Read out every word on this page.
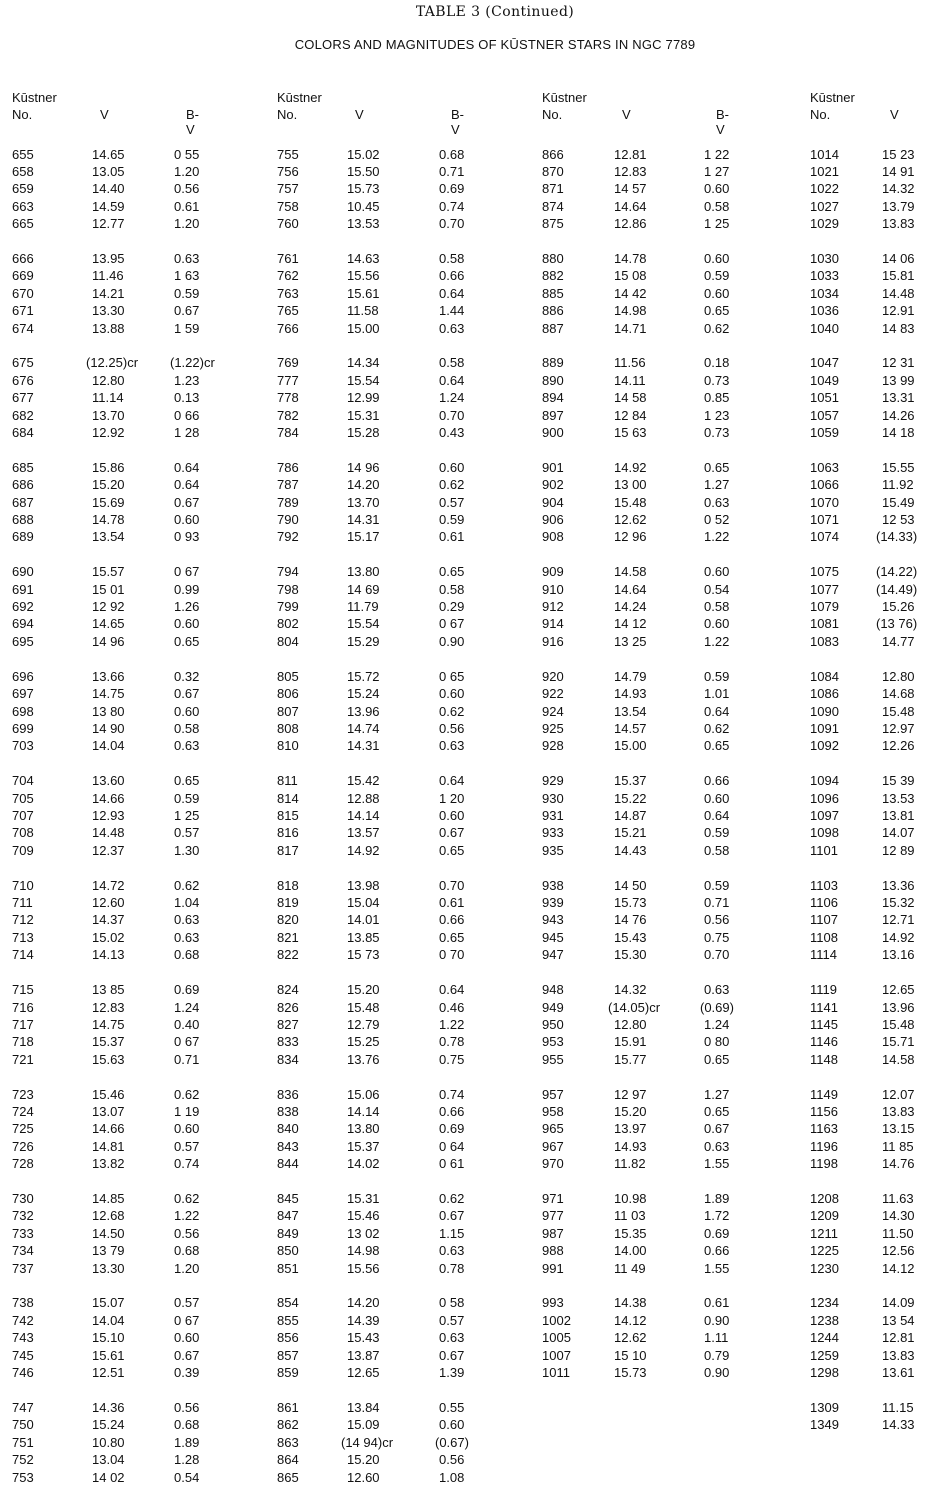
TABLE 3 (Continued)
COLORS AND MAGNITUDES OF KŪSTNER STARS IN NGC 7789
Kūstner
No.	V	B-V
655	14.65	0 55
658	13.05	1.20
659	14.40	0.56
663	14.59	0.61
665	12.77	1.20
666	13.95	0.63
669	11.46	1 63
670	14.21	0.59
671	13.30	0.67
674	13.88	1 59
675	(12.25)cr (1.22)cr
676	12.80	1.23
677	11.14	0.13
682	13.70	0 66
684	12.92	1 28
685	15.86	0.64
686	15.20	0.64
687	15.69	0.67
688	14.78	0.60
689	13.54	0 93
690	15.57	0 67
691	15 01	0.99
692	12 92	1.26
694	14.65	0.60
695	14 96	0.65
696	13.66	0.32
697	14.75	0.67
698	13 80	0.60
699	14 90	0.58
703	14.04	0.63
704	13.60	0.65
705	14.66	0.59
707	12.93	1 25
708	14.48	0.57
709	12.37	1.30
710	14.72	0.62
711	12.60	1.04
712	14.37	0.63
713	15.02	0.63
714	14.13	0.68
715	13 85	0.69
716	12.83	1.24
717	14.75	0.40
718	15.37	0 67
721	15.63	0.71
723	15.46	0.62
724	13.07	1 19
725	14.66	0.60
726	14.81	0.57
728	13.82	0.74
730	14.85	0.62
732	12.68	1.22
733	14.50	0.56
734	13 79	0.68
737	13.30	1.20
738	15.07	0.57
742	14.04	0 67
743	15.10	0.60
745	15.61	0.67
746	12.51	0.39
747	14.36	0.56
750	15.24	0.68
751	10.80	1.89
752	13.04	1.28
753	14 02	0.54
Kūstner
No.	V	B-V
755	15.02	0.68
756	15.50	0.71
757	15.73	0.69
758	10.45	0.74
760	13.53	0.70
761	14.63	0.58
762	15.56	0.66
763	15.61	0.64
765	11.58	1.44
766	15.00	0.63
769	14.34	0.58
777	15.54	0.64
778	12.99	1.24
782	15.31	0.70
784	15.28	0.43
786	14 96	0.60
787	14.20	0.62
789	13.70	0.57
790	14.31	0.59
792	15.17	0.61
794	13.80	0.65
798	14 69	0.58
799	11.79	0.29
802	15.54	0 67
804	15.29	0.90
805	15.72	0 65
806	15.24	0.60
807	13.96	0.62
808	14.74	0.56
810	14.31	0.63
811	15.42	0.64
814	12.88	1 20
815	14.14	0.60
816	13.57	0.67
817	14.92	0.65
818	13.98	0.70
819	15.04	0.61
820	14.01	0.66
821	13.85	0.65
822	15 73	0 70
824	15.20	0.64
826	15.48	0.46
827	12.79	1.22
833	15.25	0.78
834	13.76	0.75
836	15.06	0.74
838	14.14	0.66
840	13.80	0.69
843	15.37	0 64
844	14.02	0 61
845	15.31	0.62
847	15.46	0.67
849	13 02	1.15
850	14.98	0.63
851	15.56	0.78
854	14.20	0 58
855	14.39	0.57
856	15.43	0.63
857	13.87	0.67
859	12.65	1.39
861	13.84	0.55
862	15.09	0.60
863	(14 94)cr	(0.67)
864	15.20	0.56
865	12.60	1.08
Kūstner
No.	V	B-V
866	12.81	1 22
870	12.83	1 27
871	14 57	0.60
874	14.64	0.58
875	12.86	1 25
880	14.78	0.60
882	15 08	0.59
885	14 42	0.60
886	14.98	0.65
887	14.71	0.62
889	11.56	0.18
890	14.11	0.73
894	14 58	0.85
897	12 84	1 23
900	15 63	0.73
901	14.92	0.65
902	13 00	1.27
904	15.48	0.63
906	12.62	0 52
908	12 96	1.22
909	14.58	0.60
910	14.64	0.54
912	14.24	0.58
914	14 12	0.60
916	13 25	1.22
920	14.79	0.59
922	14.93	1.01
924	13.54	0.64
925	14.57	0.62
928	15.00	0.65
929	15.37	0.66
930	15.22	0.60
931	14.87	0.64
933	15.21	0.59
935	14.43	0.58
938	14 50	0.59
939	15.73	0.71
943	14 76	0.56
945	15.43	0.75
947	15.30	0.70
948	14.32	0.63
949	(14.05)cr	(0.69)
950	12.80	1.24
953	15.91	0 80
955	15.77	0.65
957	12 97	1.27
958	15.20	0.65
965	13.97	0.67
967	14.93	0.63
970	11.82	1.55
971	10.98	1.89
977	11 03	1.72
987	15.35	0.69
988	14.00	0.66
991	11 49	1.55
993	14.38	0.61
1002	14.12	0.90
1005	12.62	1.11
1007	15 10	0.79
1011	15.73	0.90
Kūstner
No.	V
1014	15 23
1021	14 91
1022	14.32
1027	13.79
1029	13.83
1030	14 06
1033	15.81
1034	14.48
1036	12.91
1040	14 83
1047	12 31
1049	13 99
1051	13.31
1057	14.26
1059	14 18
1063	15.55
1066	11.92
1070	15.49
1071	12 53
1074	(14.33)
1075	(14.22)
1077	(14.49)
1079	15.26
1081	(13 76)
1083	14.77
1084	12.80
1086	14.68
1090	15.48
1091	12.97
1092	12.26
1094	15 39
1096	13.53
1097	13.81
1098	14.07
1101	12 89
1103	13.36
1106	15.32
1107	12.71
1108	14.92
1114	13.16
1119	12.65
1141	13.96
1145	15.48
1146	15.71
1148	14.58
1149	12.07
1156	13.83
1163	13.15
1196	11 85
1198	14.76
1208	11.63
1209	14.30
1211	11.50
1225	12.56
1230	14.12
1234	14.09
1238	13 54
1244	12.81
1259	13.83
1298	13.61
1309	11.15
1349	14.33
